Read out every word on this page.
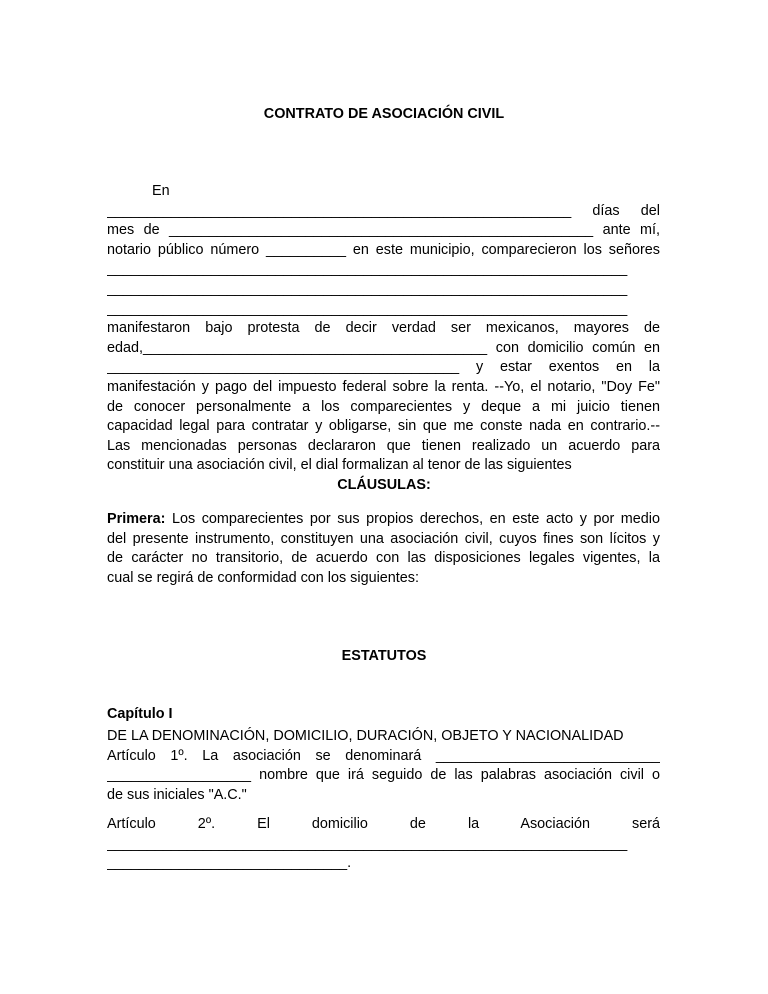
CONTRATO DE ASOCIACIÓN CIVIL
En
__________________________________________________________ días del
mes de _____________________________________________________ ante mí,
notario público número __________ en este municipio, comparecieron los señores
_________________________________________________________________
_________________________________________________________________
_________________________________________________________________
manifestaron bajo protesta de decir verdad ser mexicanos, mayores de
edad,___________________________________________ con domicilio común en
____________________________________________ y estar exentos en la
manifestación y pago del impuesto federal sobre la renta. --Yo, el notario, "Doy Fe"
de conocer personalmente a los comparecientes y deque a mi juicio tienen
capacidad legal para contratar y obligarse, sin que me conste nada en contrario.--
Las mencionadas personas declararon que tienen realizado un acuerdo para
constituir una asociación civil, el dial formalizan al tenor de las siguientes
CLÁUSULAS:
Primera: Los comparecientes por sus propios derechos, en este acto y por medio
del presente instrumento, constituyen una asociación civil, cuyos fines son lícitos y
de carácter no transitorio, de acuerdo con las disposiciones legales vigentes, la
cual se regirá de conformidad con los siguientes:
ESTATUTOS
Capítulo I
DE LA DENOMINACIÓN, DOMICILIO, DURACIÓN, OBJETO Y NACIONALIDAD
Artículo 1º. La asociación se denominará ____________________________
__________________ nombre que irá seguido de las palabras asociación civil o
de sus iniciales "A.C."
Artículo 2º. El domicilio de la Asociación será
_________________________________________________________________
______________________________.
